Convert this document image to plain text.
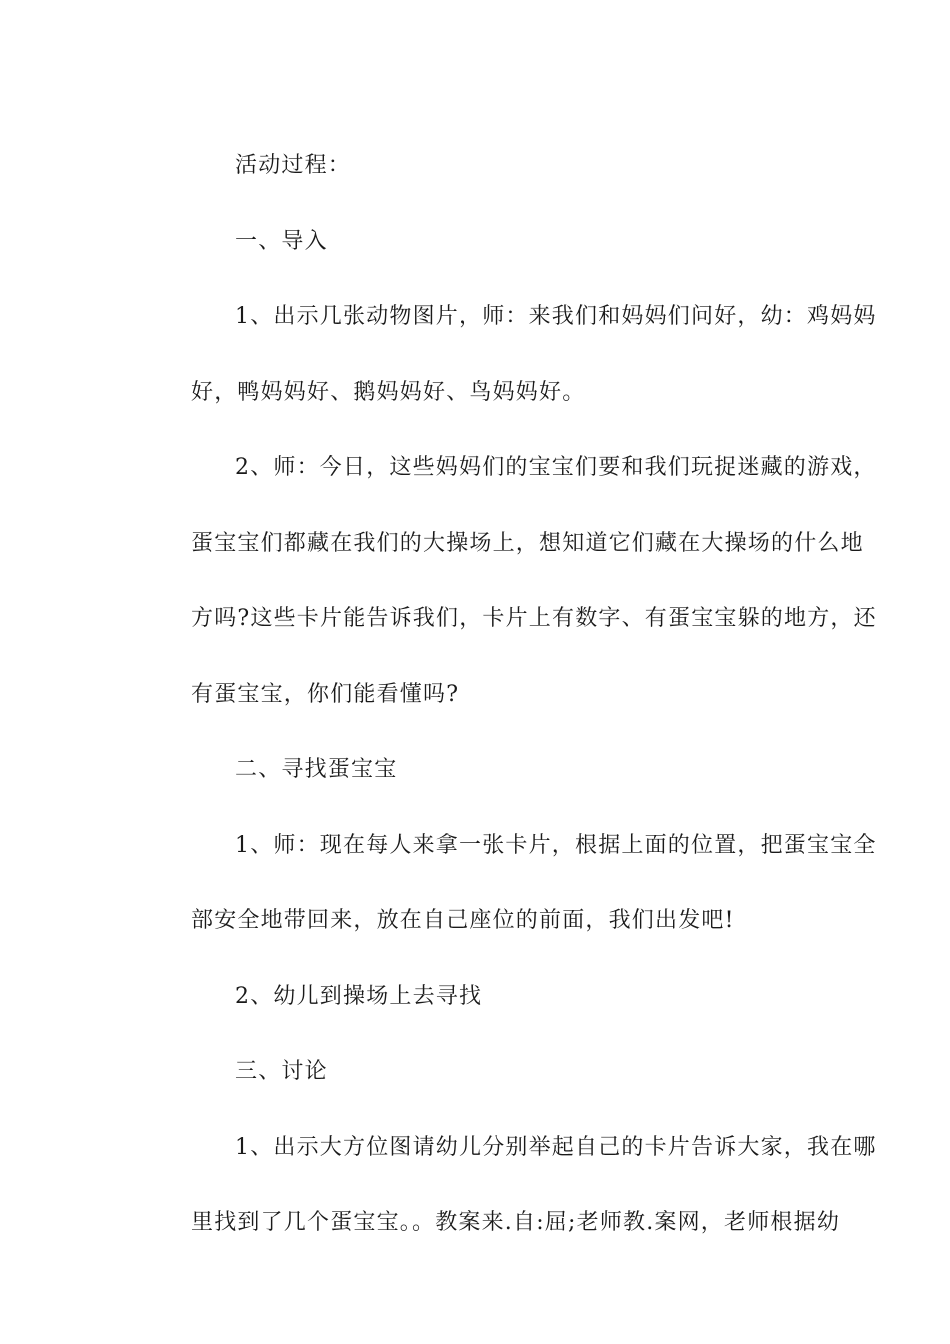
活动过程：
一、导入
1、出示几张动物图片，师：来我们和妈妈们问好，幼：鸡妈妈
好，鸭妈妈好、鹅妈妈好、鸟妈妈好。
2、师：今日，这些妈妈们的宝宝们要和我们玩捉迷藏的游戏，
蛋宝宝们都藏在我们的大操场上，想知道它们藏在大操场的什么地
方吗?这些卡片能告诉我们，卡片上有数字、有蛋宝宝躲的地方，还
有蛋宝宝，你们能看懂吗?
二、寻找蛋宝宝
1、师：现在每人来拿一张卡片，根据上面的位置，把蛋宝宝全
部安全地带回来，放在自己座位的前面，我们出发吧!
2、幼儿到操场上去寻找
三、讨论
1、出示大方位图请幼儿分别举起自己的卡片告诉大家，我在哪
里找到了几个蛋宝宝。。教案来.自:屈;老师教.案网，老师根据幼
